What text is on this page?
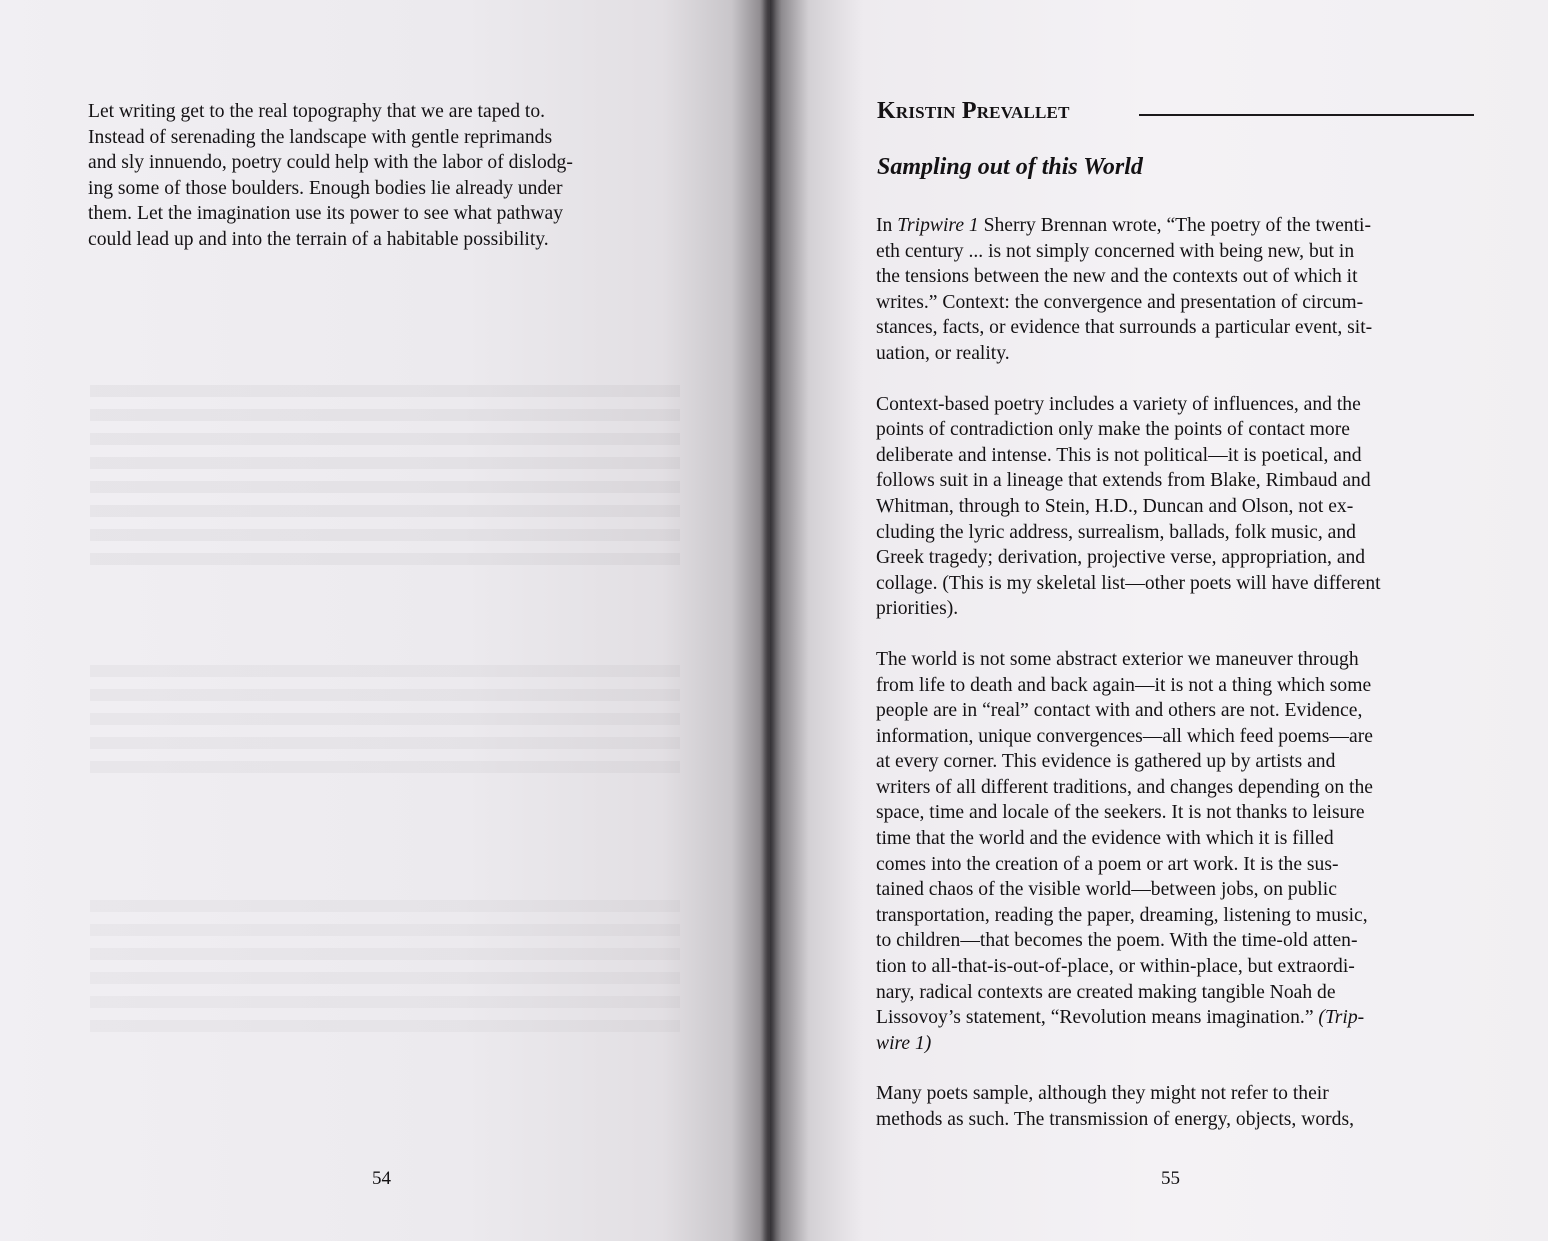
Let writing get to the real topography that we are taped to.
Instead of serenading the landscape with gentle reprimands
and sly innuendo, poetry could help with the labor of dislodg-
ing some of those boulders. Enough bodies lie already under
them. Let the imagination use its power to see what pathway
could lead up and into the terrain of a habitable possibility.
54
Kristin Prevallet
Sampling out of this World

In Tripwire 1 Sherry Brennan wrote, “The poetry of the twenti-
eth century ... is not simply concerned with being new, but in
the tensions between the new and the contexts out of which it
writes.” Context: the convergence and presentation of circum-
stances, facts, or evidence that surrounds a particular event, sit-
uation, or reality.

Context-based poetry includes a variety of influences, and the
points of contradiction only make the points of contact more
deliberate and intense. This is not political—it is poetical, and
follows suit in a lineage that extends from Blake, Rimbaud and
Whitman, through to Stein, H.D., Duncan and Olson, not ex-
cluding the lyric address, surrealism, ballads, folk music, and
Greek tragedy; derivation, projective verse, appropriation, and
collage. (This is my skeletal list—other poets will have different
priorities).

The world is not some abstract exterior we maneuver through
from life to death and back again—it is not a thing which some
people are in “real” contact with and others are not. Evidence,
information, unique convergences—all which feed poems—are
at every corner. This evidence is gathered up by artists and
writers of all different traditions, and changes depending on the
space, time and locale of the seekers. It is not thanks to leisure
time that the world and the evidence with which it is filled
comes into the creation of a poem or art work. It is the sus-
tained chaos of the visible world—between jobs, on public
transportation, reading the paper, dreaming, listening to music,
to children—that becomes the poem. With the time-old atten-
tion to all-that-is-out-of-place, or within-place, but extraordi-
nary, radical contexts are created making tangible Noah de
Lissovoy’s statement, “Revolution means imagination.” (Trip-
wire 1)

Many poets sample, although they might not refer to their
methods as such. The transmission of energy, objects, words,

55
